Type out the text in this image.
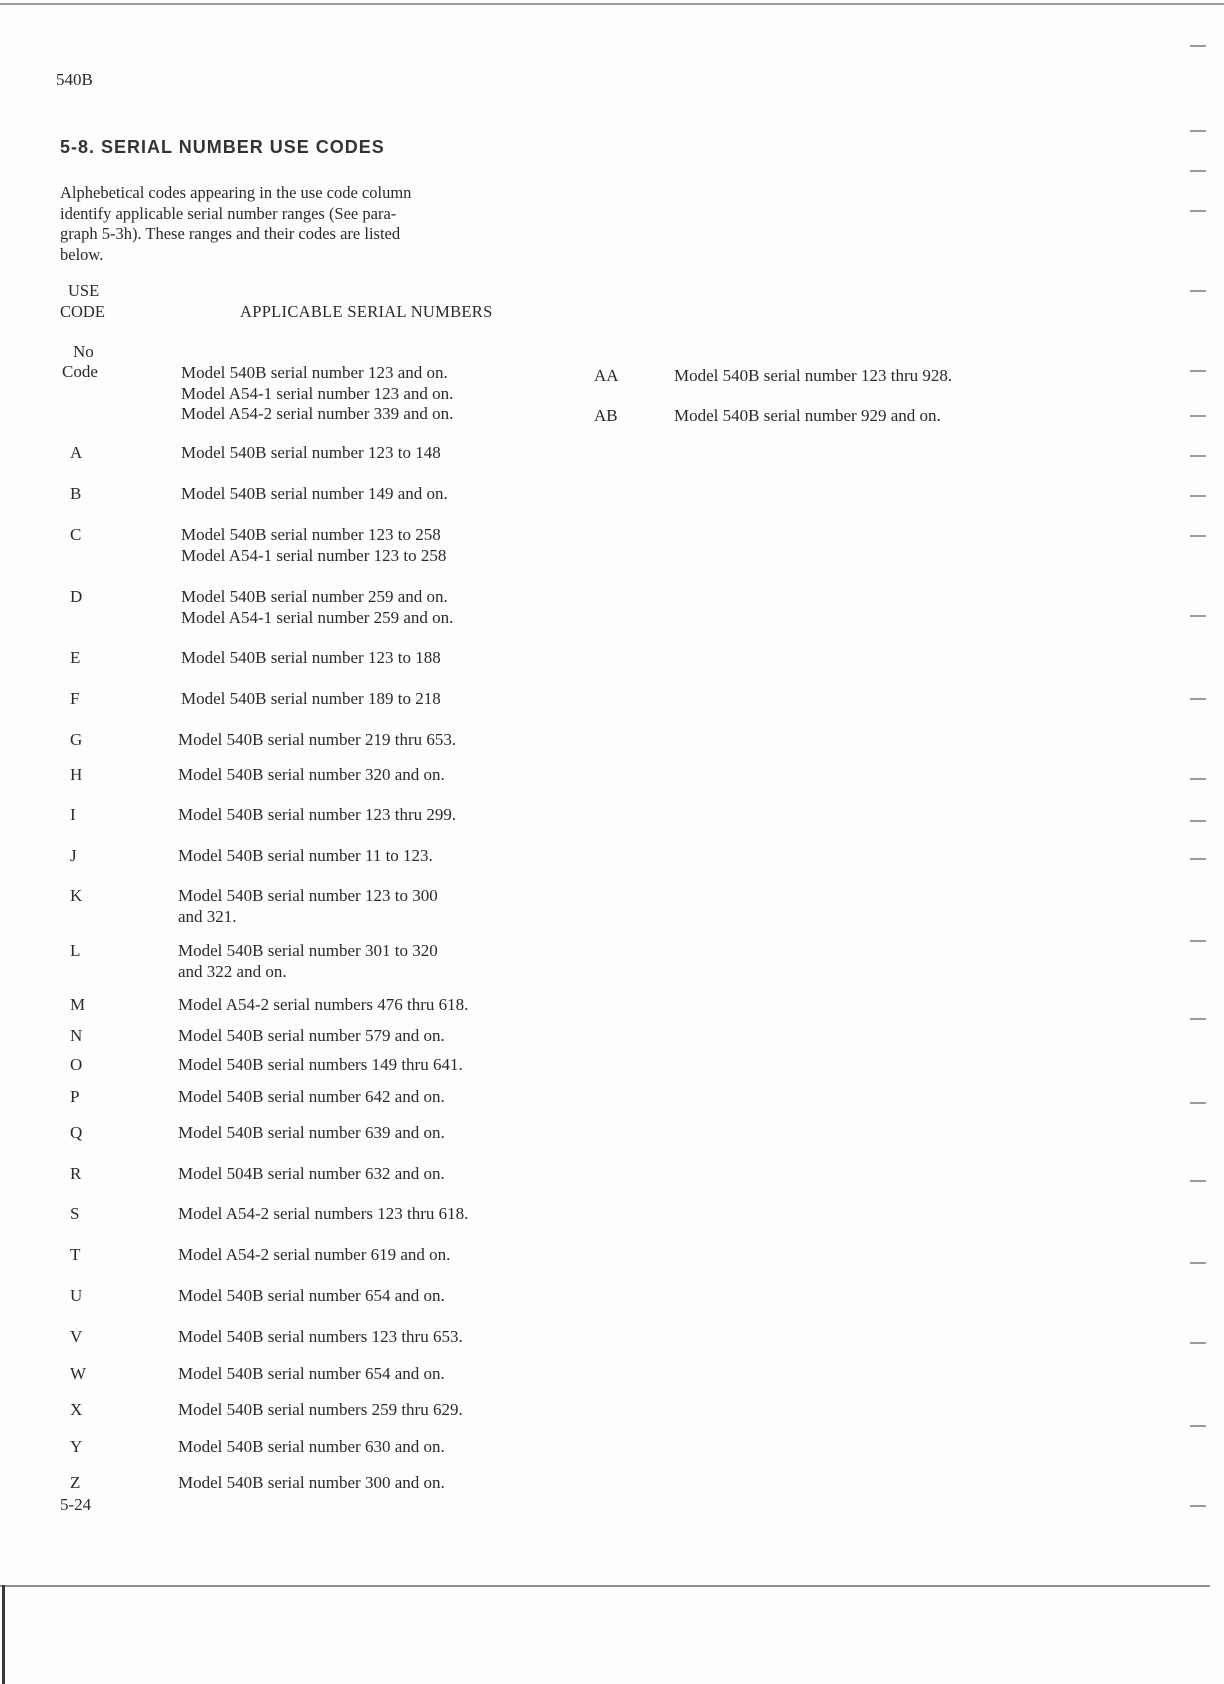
540B
5-8. SERIAL NUMBER USE CODES
Alphebetical codes appearing in the use code column
identify applicable serial number ranges (See para-
graph 5-3h). These ranges and their codes are listed
below.
USE
CODE	APPLICABLE SERIAL NUMBERS
No
Code	Model 540B serial number 123 and on.
Model A54-1 serial number 123 and on.
Model A54-2 serial number 339 and on.
A	Model 540B serial number 123 to 148
B	Model 540B serial number 149 and on.
C	Model 540B serial number 123 to 258
Model A54-1 serial number 123 to 258
D	Model 540B serial number 259 and on.
Model A54-1 serial number 259 and on.
E	Model 540B serial number 123 to 188
F	Model 540B serial number 189 to 218
G	Model 540B serial number 219 thru 653.
H	Model 540B serial number 320 and on.
I	Model 540B serial number 123 thru 299.
J	Model 540B serial number 11 to 123.
K	Model 540B serial number 123 to 300
and 321.
L	Model 540B serial number 301 to 320
and 322 and on.
M	Model A54-2 serial numbers 476 thru 618.
N	Model 540B serial number 579 and on.
O	Model 540B serial numbers 149 thru 641.
P	Model 540B serial number 642 and on.
Q	Model 540B serial number 639 and on.
R	Model 504B serial number 632 and on.
S	Model A54-2 serial numbers 123 thru 618.
T	Model A54-2 serial number 619 and on.
U	Model 540B serial number 654 and on.
V	Model 540B serial numbers 123 thru 653.
W	Model 540B serial number 654 and on.
X	Model 540B serial numbers 259 thru 629.
Y	Model 540B serial number 630 and on.
Z	Model 540B serial number 300 and on.
AA	Model 540B serial number 123 thru 928.
AB	Model 540B serial number 929 and on.
5-24
